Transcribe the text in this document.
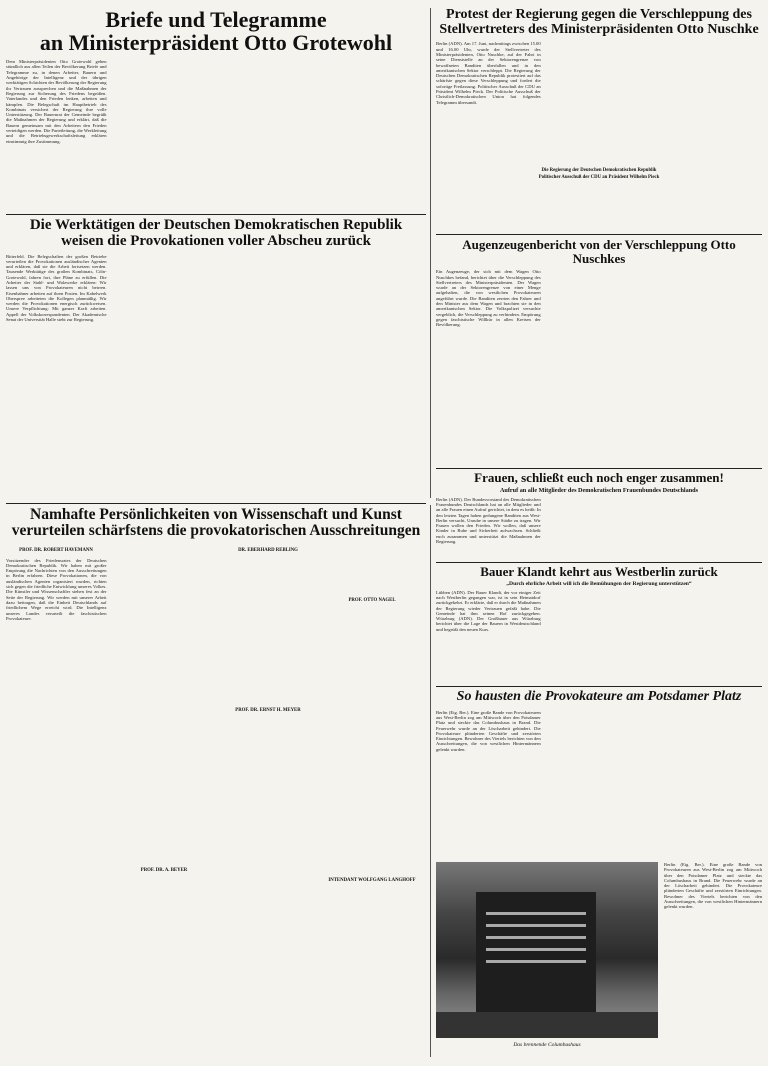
Briefe und Telegramme
an Ministerpräsident Otto Grotewohl
Dem Ministerpräsidenten Otto Grotewohl gehen stündlich aus allen Teilen der Bevölkerung Briefe und Telegramme zu, in denen Arbeiter, Bauern und Angehörige der Intelligenz und der übrigen werktätigen Schichten der Bevölkerung der Regierung ihr Vertrauen aussprechen und die Maßnahmen der Regierung zur Sicherung des Friedens begrüßen. Vaterlandes und den Frieden lenken, arbeiten und kämpfen. Die Belegschaft im Hauptbetrieb des Kombinats versichert der Regierung ihre volle Unterstützung. Der Bauernrat der Gemeinde begrüßt die Maßnahmen der Regierung und erklärt, daß die Bauern gemeinsam mit den Arbeitern den Frieden verteidigen werden. Die Parteileitung, die Werkleitung und die Betriebsgewerkschaftsleitung erklären einstimmig ihre Zustimmung.
Protest der Regierung gegen die Verschleppung des
Stellvertreters des Ministerpräsidenten Otto Nuschke
Berlin (ADN). Am 17. Juni, nachmittags zwischen 15.00 und 16.00 Uhr, wurde der Stellvertreter des Ministerpräsidenten, Otto Nuschke, auf der Fahrt in seine Dienststelle an der Sektorengrenze von bewaffneten Banditen überfallen und in den amerikanischen Sektor verschleppt. Die Regierung der Deutschen Demokratischen Republik protestiert auf das schärfste gegen diese Verschleppung und fordert die sofortige Freilassung. Politischer Ausschuß der CDU an Präsident Wilhelm Pieck. Der Politische Ausschuß der Christlich-Demokratischen Union hat folgendes Telegramm übersandt.
Die Regierung der Deutschen Demokratischen Republik
Politischer Ausschuß der CDU an Präsident Wilhelm Pieck
Die Werktätigen der Deutschen Demokratischen Republik
weisen die Provokationen voller Abscheu zurück
Bitterfeld. Die Belegschaften der großen Betriebe verurteilen die Provokationen ausländischer Agenten und erklären, daß sie die Arbeit fortsetzen werden. Tausende Werktätige des großen Kombinats, Cöln-Grotewohl, fahren fort, ihre Pläne zu erfüllen. Die Arbeiter der Stahl- und Walzwerke erklären: Wir lassen uns von Provokateuren nicht beirren. Eisenbahner arbeiten auf ihren Posten. Im Kabelwerk Oberspree arbeiteten die Kollegen planmäßig. Wir werden die Provokationen energisch zurückweisen. Unsere Verpflichtung: Mit ganzer Kraft arbeiten. Appell der Volkskorrespondenten. Der Akademische Senat der Universität Halle steht zur Regierung.
Augenzeugenbericht von der Verschleppung Otto Nuschkes
Ein Augenzeuge, der sich mit dem Wagen Otto Nuschkes befand, berichtet über die Verschleppung des Stellvertreters des Ministerpräsidenten. Der Wagen wurde an der Sektorengrenze von einer Menge aufgehalten, die von westlichen Provokateuren angeführt wurde. Die Banditen zerrten den Fahrer und den Minister aus dem Wagen und brachten sie in den amerikanischen Sektor. Die Volkspolizei versuchte vergeblich, die Verschleppung zu verhindern. Empörung gegen faschistische Willkür in allen Kreisen der Bevölkerung.
Frauen, schließt euch noch enger zusammen!
Aufruf an alle Mitglieder des Demokratischen Frauenbundes Deutschlands
Berlin (ADN). Der Bundesvorstand des Demokratischen Frauenbundes Deutschlands hat an alle Mitglieder und an alle Frauen einen Aufruf gerichtet, in dem es heißt: In den letzten Tagen haben gedungene Banditen aus West-Berlin versucht, Unruhe in unsere Städte zu tragen. Wir Frauen wollen den Frieden. Wir wollen, daß unsere Kinder in Ruhe und Sicherheit aufwachsen. Schließt euch zusammen und unterstützt die Maßnahmen der Regierung.
Bauer Klandt kehrt aus Westberlin zurück
„Durch ehrliche Arbeit will ich die Bemühungen der Regierung unterstützen“
Lübben (ADN). Der Bauer Klandt, der vor einiger Zeit nach Westberlin gegangen war, ist in sein Heimatdorf zurückgekehrt. Er erklärte, daß er durch die Maßnahmen der Regierung wieder Vertrauen gefaßt habe. Die Gemeinde hat ihm seinen Hof zurückgegeben. Würzburg (ADN). Der Großbauer aus Würzburg berichtet über die Lage der Bauern in Westdeutschland und begrüßt den neuen Kurs.
Namhafte Persönlichkeiten von Wissenschaft und Kunst
verurteilen schärfstens die provokatorischen Ausschreitungen
PROF. DR. ROBERT HAVEMANN	DR. EBERHARD REBLING
PROF. OTTO NAGEL
PROF. DR. A. BEYER
PROF. DR. ERNST H. MEYER
INTENDANT WOLFGANG LANGHOFF
Vorsitzender des Friedensrates der Deutschen Demokratischen Republik. Wir haben mit großer Empörung die Nachrichten von den Ausschreitungen in Berlin erfahren. Diese Provokationen, die von ausländischen Agenten organisiert wurden, richten sich gegen die friedliche Entwicklung unseres Volkes. Die Künstler und Wissenschaftler stehen fest an der Seite der Regierung. Wir werden mit unserer Arbeit dazu beitragen, daß die Einheit Deutschlands auf friedlichem Wege erreicht wird. Die Intelligenz unseres Landes verurteilt die faschistischen Provokateure.
So hausten die Provokateure am Potsdamer Platz
Berlin (Eig. Ber.). Eine große Bande von Provokateuren aus West-Berlin zog am Mittwoch über den Potsdamer Platz und steckte das Columbushaus in Brand. Die Feuerwehr wurde an der Löscharbeit gehindert. Die Provokateure plünderten Geschäfte und zerstörten Einrichtungen. Bewohner des Viertels berichten von den Ausschreitungen, die von westlichen Hintermännern gelenkt wurden.
Das brennende Columbushaus
Berlin (Eig. Ber.). Eine große Bande von Provokateuren aus West-Berlin zog am Mittwoch über den Potsdamer Platz und steckte das Columbushaus in Brand. Die Feuerwehr wurde an der Löscharbeit gehindert. Die Provokateure plünderten Geschäfte und zerstörten Einrichtungen. Bewohner des Viertels berichten von den Ausschreitungen, die von westlichen Hintermännern gelenkt wurden.
